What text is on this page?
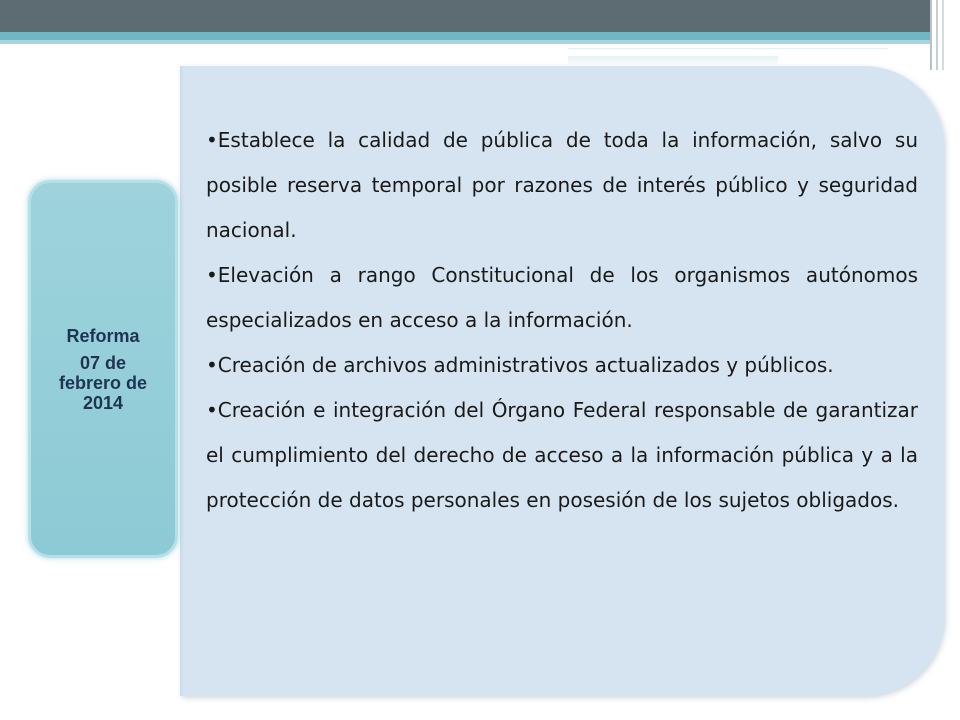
•Establece la calidad de pública de toda la información, salvo su posible reserva temporal por razones de interés público y seguridad nacional.
•Elevación a rango Constitucional de los organismos autónomos especializados en acceso a la información.
•Creación de archivos administrativos actualizados y públicos.
•Creación e integración del Órgano Federal responsable de garantizar el cumplimiento del derecho de acceso a la información pública y a la protección de datos personales en posesión de los sujetos obligados.

Reforma

07 de febrero de 2014
